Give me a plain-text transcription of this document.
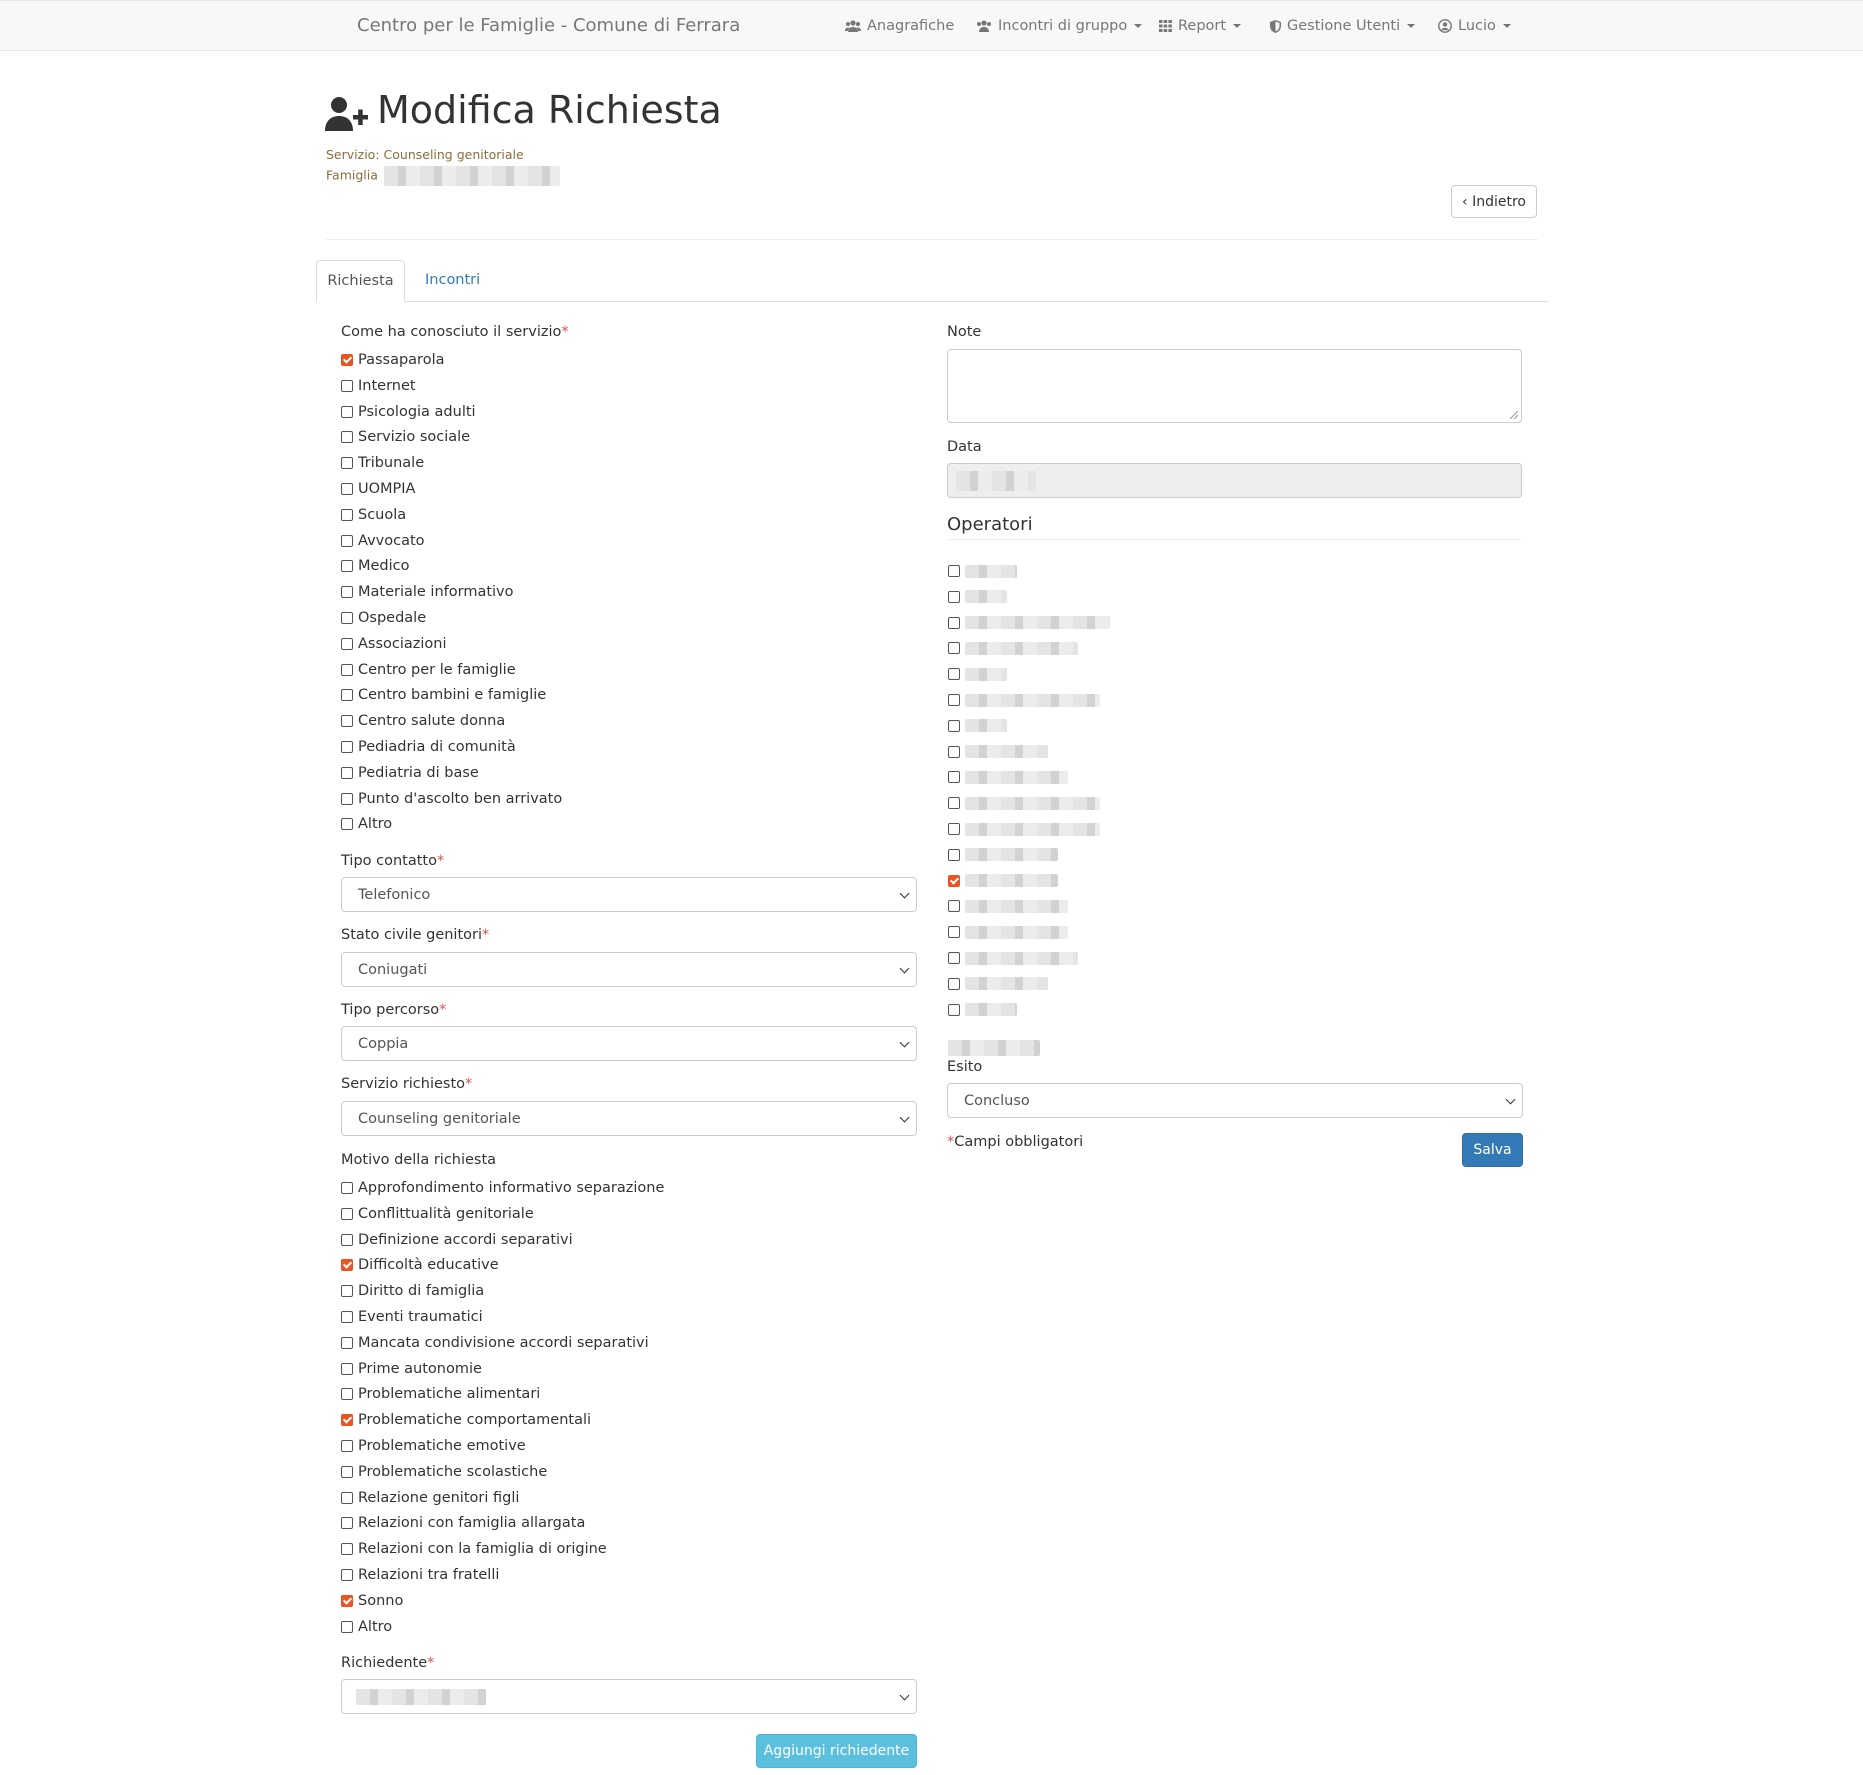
Centro per le Famiglie - Comune di Ferrara	Anagrafiche	Incontri di gruppo	Report	Gestione Utenti	Lucio
Modifica Richiesta
Servizio: Counseling genitoriale
Famiglia
‹ Indietro
Richiesta	Incontri
Come ha conosciuto il servizio*
Passaparola
Internet
Psicologia adulti
Servizio sociale
Tribunale
UOMPIA
Scuola
Avvocato
Medico
Materiale informativo
Ospedale
Associazioni
Centro per le famiglie
Centro bambini e famiglie
Centro salute donna
Pediadria di comunità
Pediatria di base
Punto d'ascolto ben arrivato
Altro
Tipo contatto*
Telefonico
Stato civile genitori*
Coniugati
Tipo percorso*
Coppia
Servizio richiesto*
Counseling genitoriale
Motivo della richiesta
Approfondimento informativo separazione
Conflittualità genitoriale
Definizione accordi separativi
Difficoltà educative
Diritto di famiglia
Eventi traumatici
Mancata condivisione accordi separativi
Prime autonomie
Problematiche alimentari
Problematiche comportamentali
Problematiche emotive
Problematiche scolastiche
Relazione genitori figli
Relazioni con famiglia allargata
Relazioni con la famiglia di origine
Relazioni tra fratelli
Sonno
Altro
Richiedente*
Aggiungi richiedente
Note
Data
Operatori
Esito
Concluso
*Campi obbligatori	Salva
